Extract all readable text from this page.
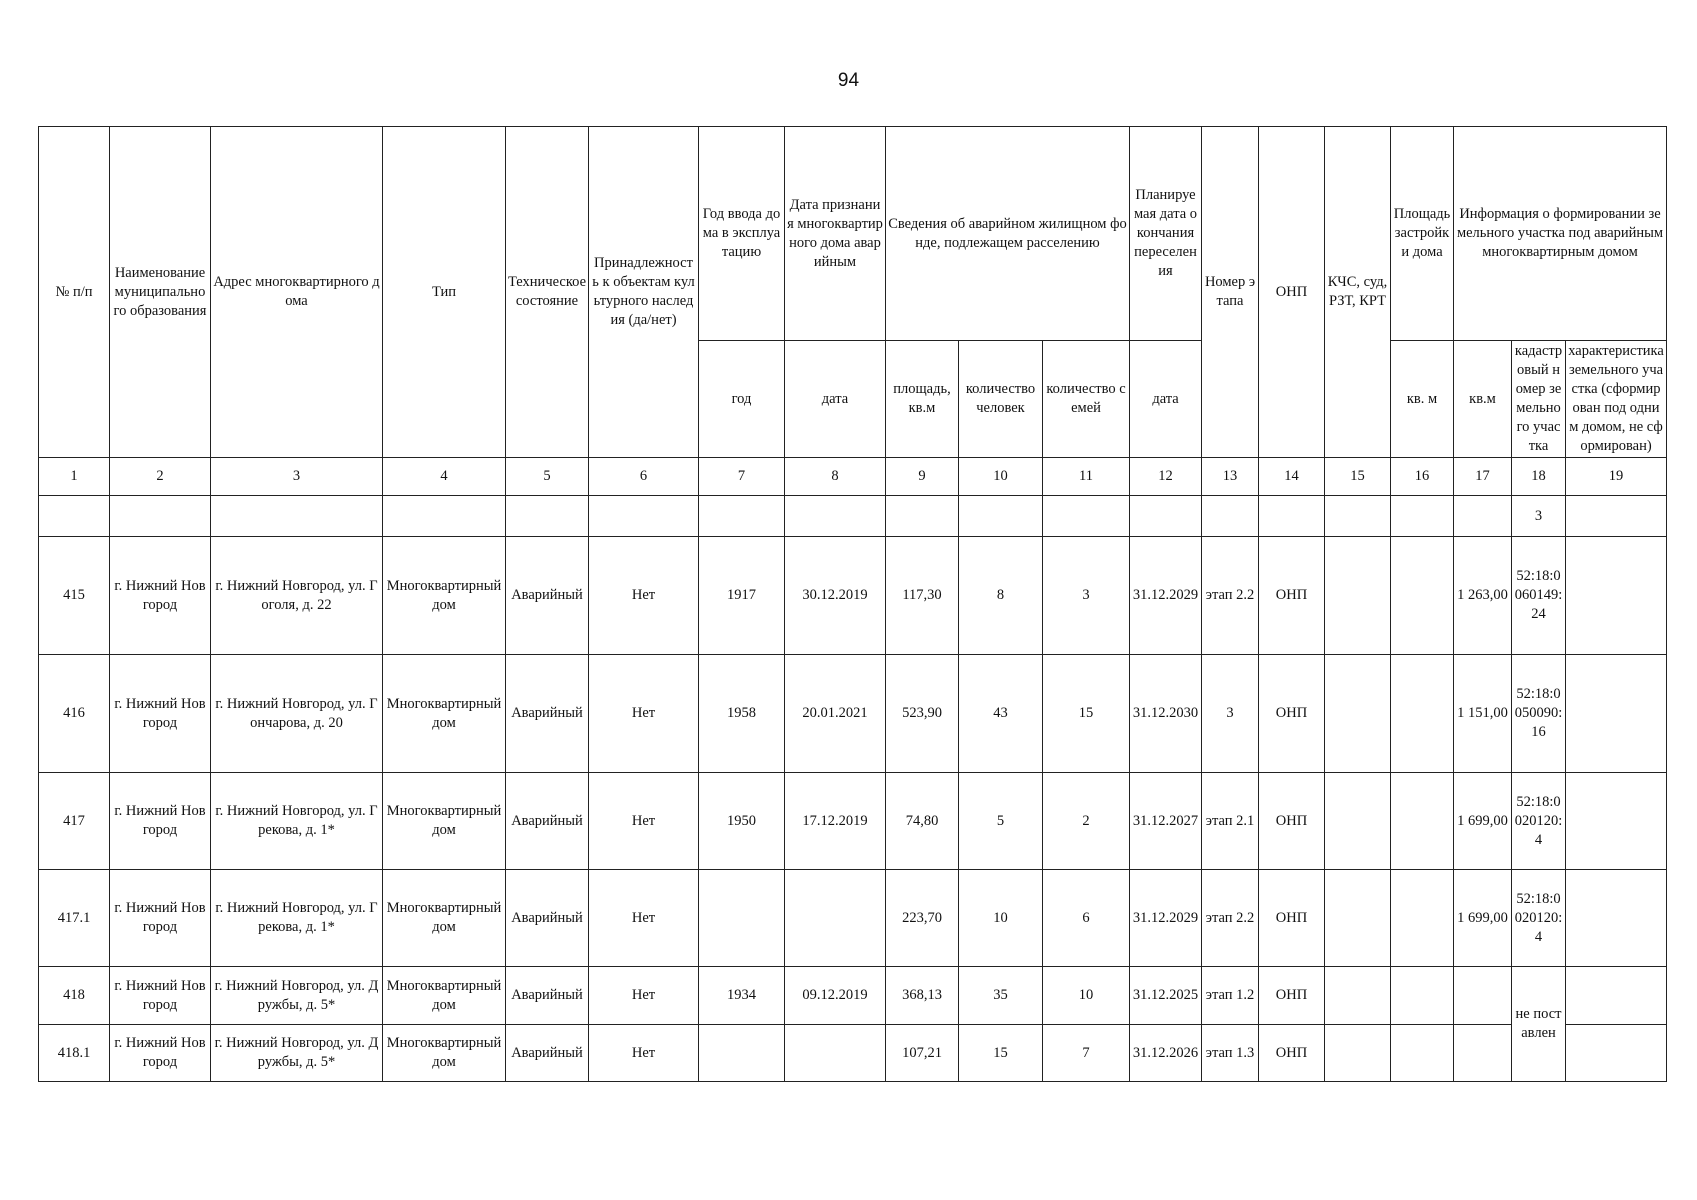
94
№ п/п	Наименование муниципального образования	Адрес многоквартирного дома	Тип	Техническое состояние	Принадлежность к объектам культурного наследия (да/нет)	Год ввода дома в эксплуатацию	Дата признания многоквартирного дома аварийным	Сведения об аварийном жилищном фонде, подлежащем расселению			Планируемая дата окончания переселения	Номер этапа	ОНП	КЧС, суд, РЗТ, КРТ	Площадь застройки дома	Информация о формировании земельного участка под аварийным многоквартирным домом		

						год	дата	площадь, кв.м	количество человек	количество семей	дата				кв. м	кв.м	кадастровый номер земельного участка	характеристика земельного участка (сформирован под одним домом, не сформирован)
1	2	3	4	5	6	7	8	9	10	11	12	13	14	15	16	17	18	19
																	3	
415	г. Нижний Новгород	г. Нижний Новгород, ул. Гоголя, д. 22	Многоквартирный дом	Аварийный	Нет	1917	30.12.2019	117,30	8	3	31.12.2029	этап 2.2	ОНП			1 263,00	52:18:0060149:24	
416	г. Нижний Новгород	г. Нижний Новгород, ул. Гончарова, д. 20	Многоквартирный дом	Аварийный	Нет	1958	20.01.2021	523,90	43	15	31.12.2030	3	ОНП			1 151,00	52:18:0050090:16	
417	г. Нижний Новгород	г. Нижний Новгород, ул. Грекова, д. 1*	Многоквартирный дом	Аварийный	Нет	1950	17.12.2019	74,80	5	2	31.12.2027	этап 2.1	ОНП			1 699,00	52:18:0020120:4	
417.1	г. Нижний Новгород	г. Нижний Новгород, ул. Грекова, д. 1*	Многоквартирный дом	Аварийный	Нет			223,70	10	6	31.12.2029	этап 2.2	ОНП			1 699,00	52:18:0020120:4	
418	г. Нижний Новгород	г. Нижний Новгород, ул. Дружбы, д. 5*	Многоквартирный дом	Аварийный	Нет	1934	09.12.2019	368,13	35	10	31.12.2025	этап 1.2	ОНП				не поставлен	
418.1	г. Нижний Новгород	г. Нижний Новгород, ул. Дружбы, д. 5*	Многоквартирный дом	Аварийный	Нет			107,21	15	7	31.12.2026	этап 1.3	ОНП					
